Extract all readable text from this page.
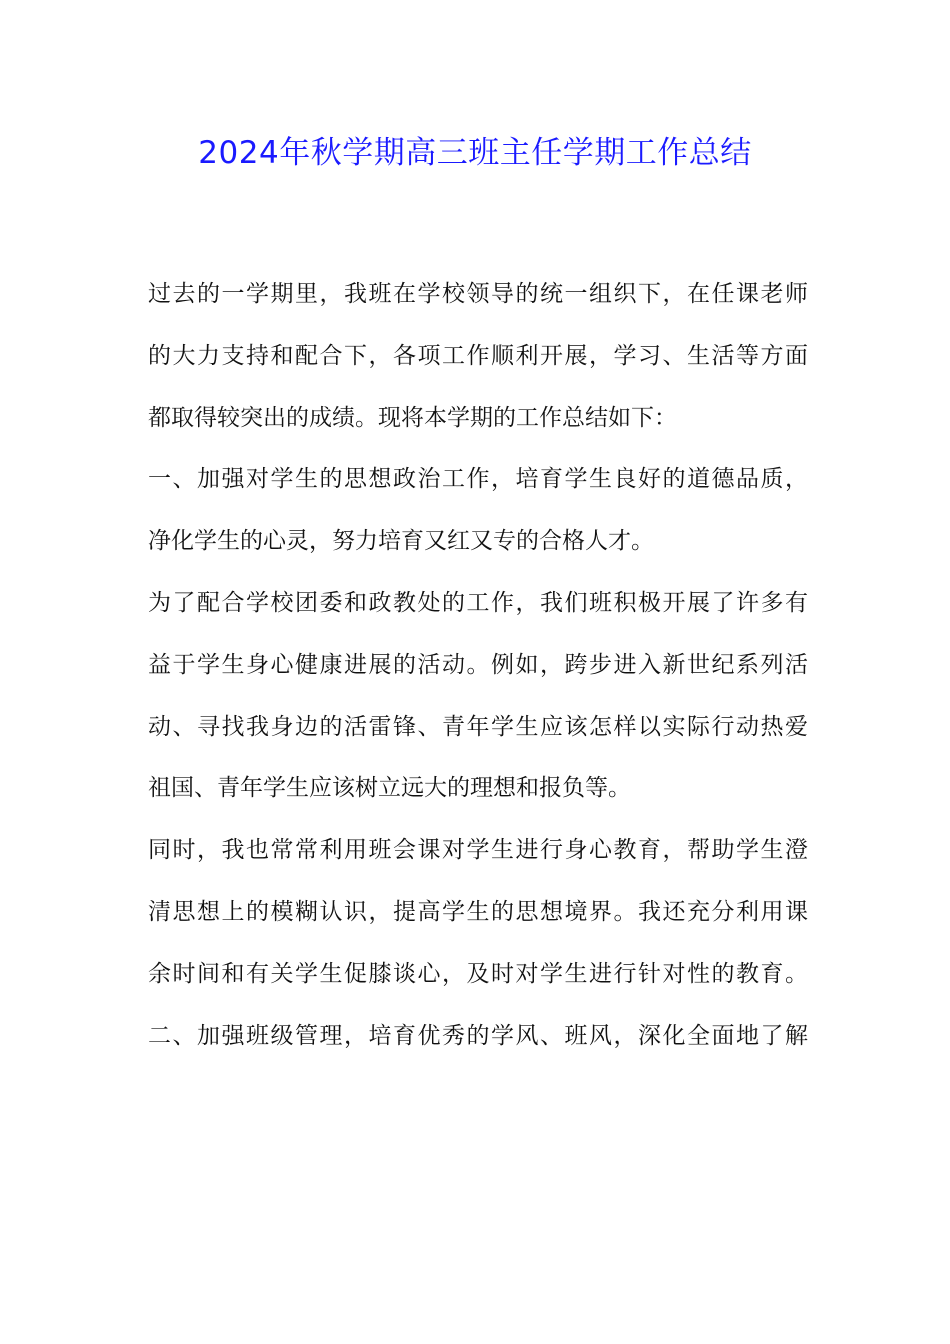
2024年秋学期高三班主任学期工作总结
过去的一学期里，我班在学校领导的统一组织下，在任课老师
的大力支持和配合下，各项工作顺利开展，学习、生活等方面
都取得较突出的成绩。现将本学期的工作总结如下：
一、加强对学生的思想政治工作，培育学生良好的道德品质，
净化学生的心灵，努力培育又红又专的合格人才。
为了配合学校团委和政教处的工作，我们班积极开展了许多有
益于学生身心健康进展的活动。例如，跨步进入新世纪系列活
动、寻找我身边的活雷锋、青年学生应该怎样以实际行动热爱
祖国、青年学生应该树立远大的理想和报负等。
同时，我也常常利用班会课对学生进行身心教育，帮助学生澄
清思想上的模糊认识，提高学生的思想境界。我还充分利用课
余时间和有关学生促膝谈心，及时对学生进行针对性的教育。
二、加强班级管理，培育优秀的学风、班风，深化全面地了解
